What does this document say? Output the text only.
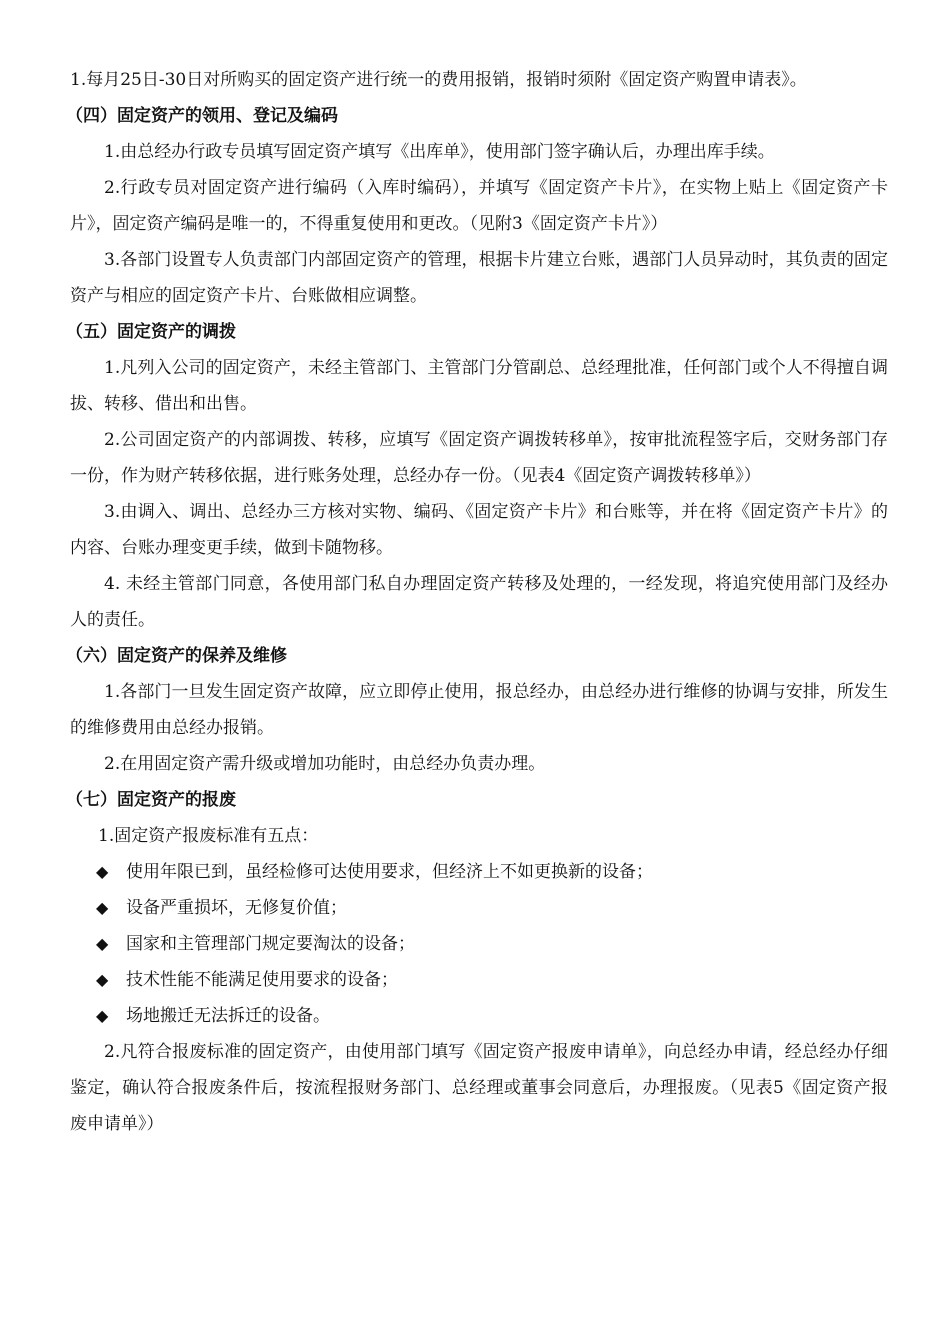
1.每月25日-30日对所购买的固定资产进行统一的费用报销，报销时须附《固定资产购置申请表》。

（四）固定资产的领用、登记及编码

1.由总经办行政专员填写固定资产填写《出库单》，使用部门签字确认后，办理出库手续。

2.行政专员对固定资产进行编码（入库时编码），并填写《固定资产卡片》，在实物上贴上《固定资产卡片》，固定资产编码是唯一的，不得重复使用和更改。（见附3《固定资产卡片》）

3.各部门设置专人负责部门内部固定资产的管理，根据卡片建立台账，遇部门人员异动时，其负责的固定资产与相应的固定资产卡片、台账做相应调整。

（五）固定资产的调拨

1.凡列入公司的固定资产，未经主管部门、主管部门分管副总、总经理批准，任何部门或个人不得擅自调拔、转移、借出和出售。

2.公司固定资产的内部调拨、转移，应填写《固定资产调拨转移单》，按审批流程签字后，交财务部门存一份，作为财产转移依据，进行账务处理，总经办存一份。（见表4《固定资产调拨转移单》）

3.由调入、调出、总经办三方核对实物、编码、《固定资产卡片》和台账等，并在将《固定资产卡片》的内容、台账办理变更手续，做到卡随物移。

4. 未经主管部门同意，各使用部门私自办理固定资产转移及处理的，一经发现，将追究使用部门及经办人的责任。

（六）固定资产的保养及维修

1.各部门一旦发生固定资产故障，应立即停止使用，报总经办，由总经办进行维修的协调与安排，所发生的维修费用由总经办报销。

2.在用固定资产需升级或增加功能时，由总经办负责办理。

（七）固定资产的报废

1.固定资产报废标准有五点：

◆	使用年限已到，虽经检修可达使用要求，但经济上不如更换新的设备；
◆	设备严重损坏，无修复价值；
◆	国家和主管理部门规定要淘汰的设备；
◆	技术性能不能满足使用要求的设备；
◆	场地搬迁无法拆迁的设备。

2.凡符合报废标准的固定资产，由使用部门填写《固定资产报废申请单》，向总经办申请，经总经办仔细鉴定，确认符合报废条件后，按流程报财务部门、总经理或董事会同意后，办理报废。（见表5《固定资产报废申请单》）
